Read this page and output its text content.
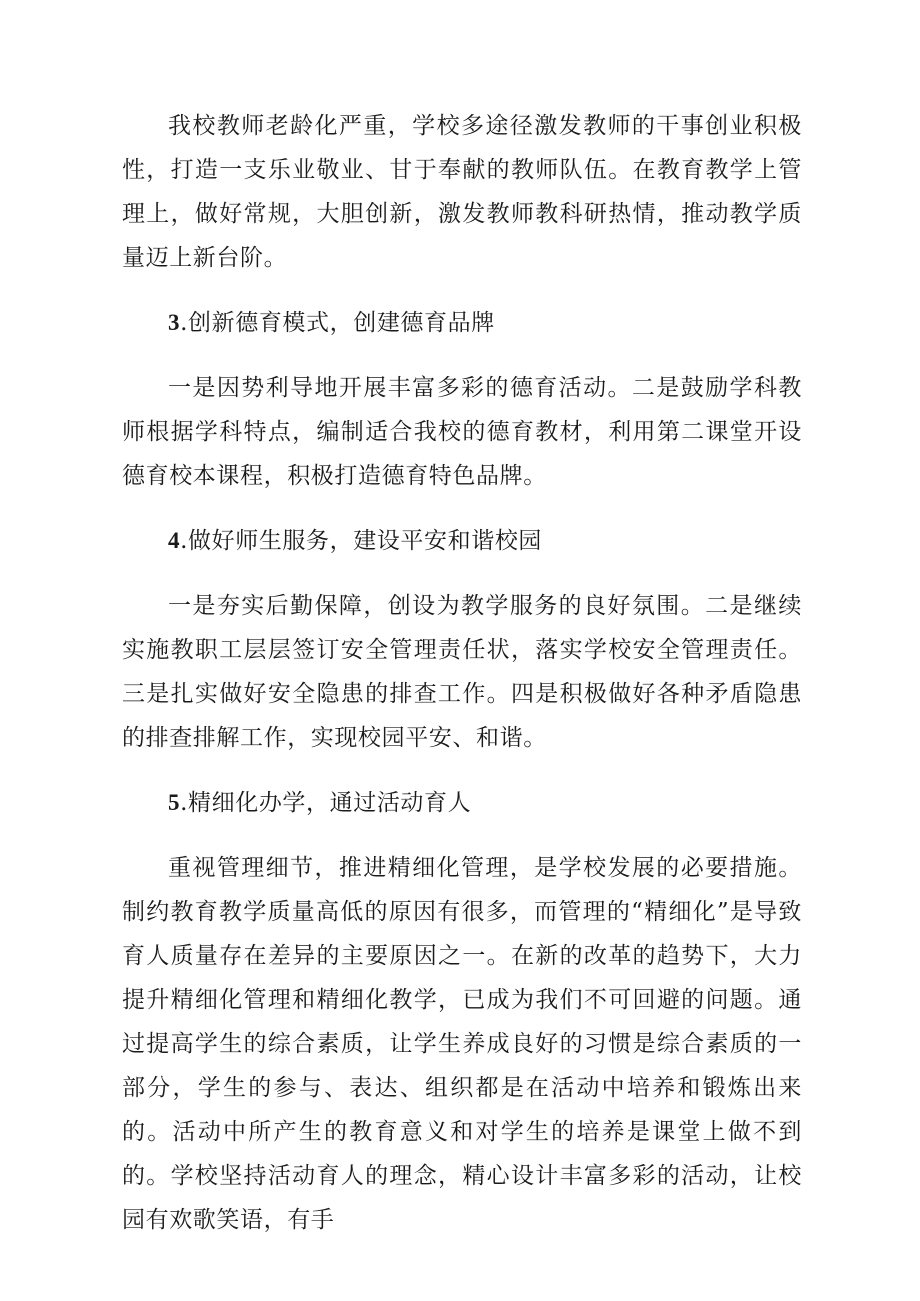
我校教师老龄化严重，学校多途径激发教师的干事创业积极性，打造一支乐业敬业、甘于奉献的教师队伍。在教育教学上管理上，做好常规，大胆创新，激发教师教科研热情，推动教学质量迈上新台阶。

3.创新德育模式，创建德育品牌

一是因势利导地开展丰富多彩的德育活动。二是鼓励学科教师根据学科特点，编制适合我校的德育教材，利用第二课堂开设德育校本课程，积极打造德育特色品牌。

4.做好师生服务，建设平安和谐校园

一是夯实后勤保障，创设为教学服务的良好氛围。二是继续实施教职工层层签订安全管理责任状，落实学校安全管理责任。三是扎实做好安全隐患的排查工作。四是积极做好各种矛盾隐患的排查排解工作，实现校园平安、和谐。

5.精细化办学，通过活动育人

重视管理细节，推进精细化管理，是学校发展的必要措施。制约教育教学质量高低的原因有很多，而管理的“精细化”是导致育人质量存在差异的主要原因之一。在新的改革的趋势下，大力提升精细化管理和精细化教学，已成为我们不可回避的问题。通过提高学生的综合素质，让学生养成良好的习惯是综合素质的一部分，学生的参与、表达、组织都是在活动中培养和锻炼出来的。活动中所产生的教育意义和对学生的培养是课堂上做不到的。学校坚持活动育人的理念，精心设计丰富多彩的活动，让校园有欢歌笑语，有手
